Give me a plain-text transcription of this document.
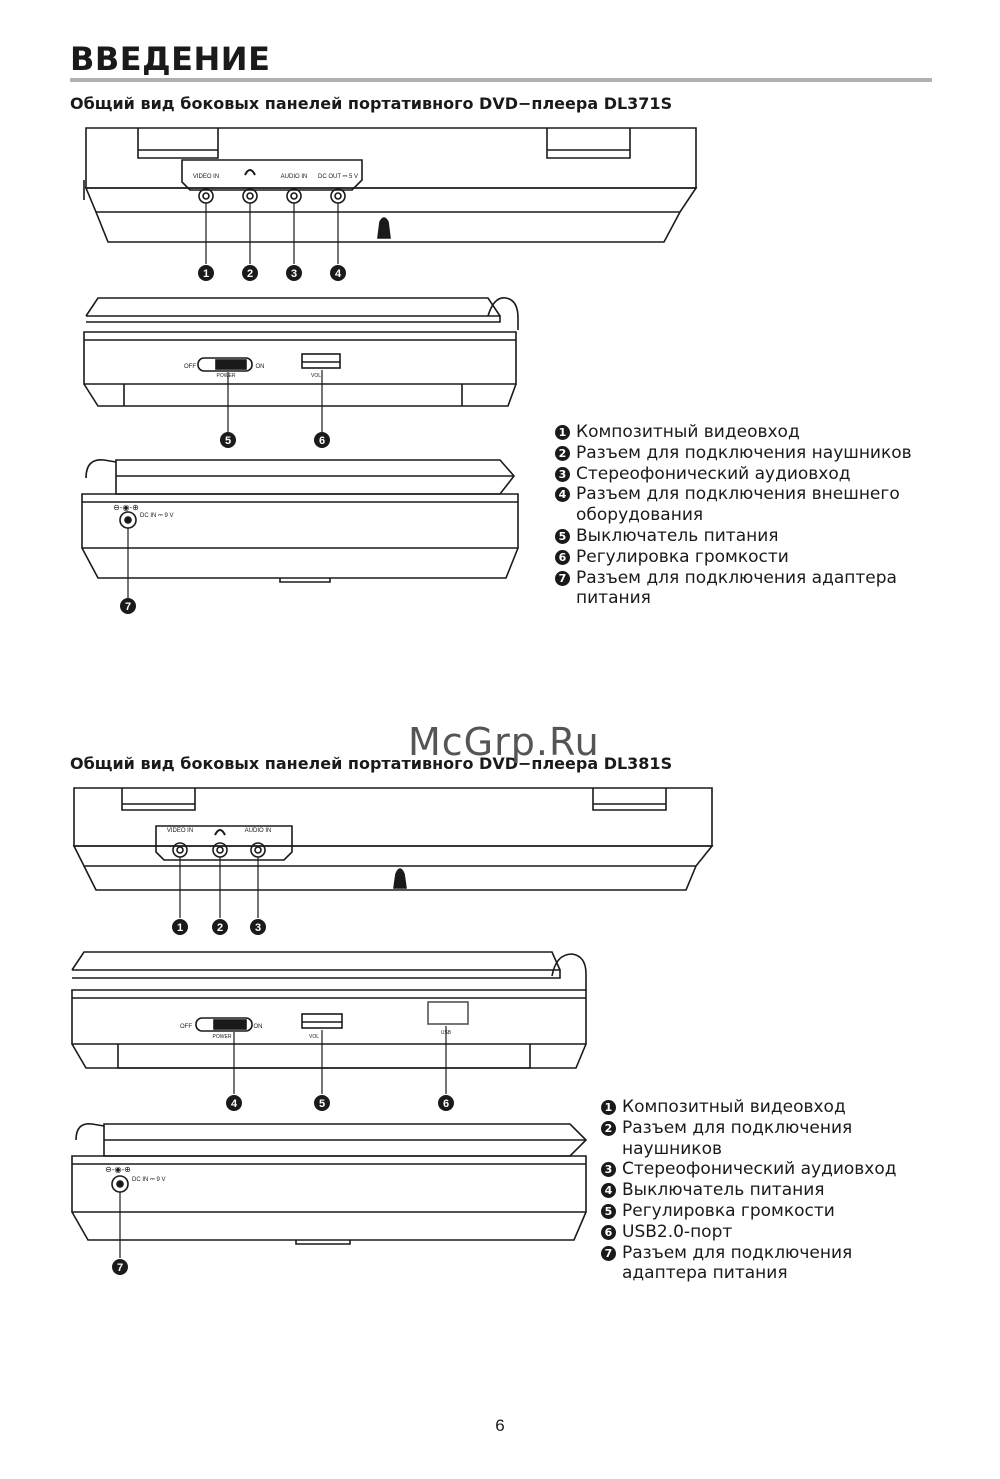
ВВЕДЕНИЕ
Общий вид боковых панелей портативного DVD−плеера DL371S
Общий вид боковых панелей портативного DVD−плеера DL381S
McGrp.Ru
VIDEO IN	AUDIO IN DC OUT ⎓ 5 V
OFF	ON
POWER	VOL
⊖-◉-⊕
DC IN ⎓ 9 V
VIDEO IN	AUDIO IN
OFF	ON
POWER	VOL
USB
⊖-◉-⊕
DC IN ⎓ 9 V
1	2	3	4
5	6
7
1	2	3
4	5	6
7
1 Композитный видеовход
2 Разъем для подключения наушников
3 Стереофонический аудиовход
4 Разъем для подключения внешнего
оборудования
5 Выключатель питания
6 Регулировка громкости
7 Разъем для подключения адаптера
питания
1 Композитный видеовход
2 Разъем для подключения
наушников
3 Стереофонический аудиовход
4 Выключатель питания
5 Регулировка громкости
6 USB2.0-порт
7 Разъем для подключения
адаптера питания
6
